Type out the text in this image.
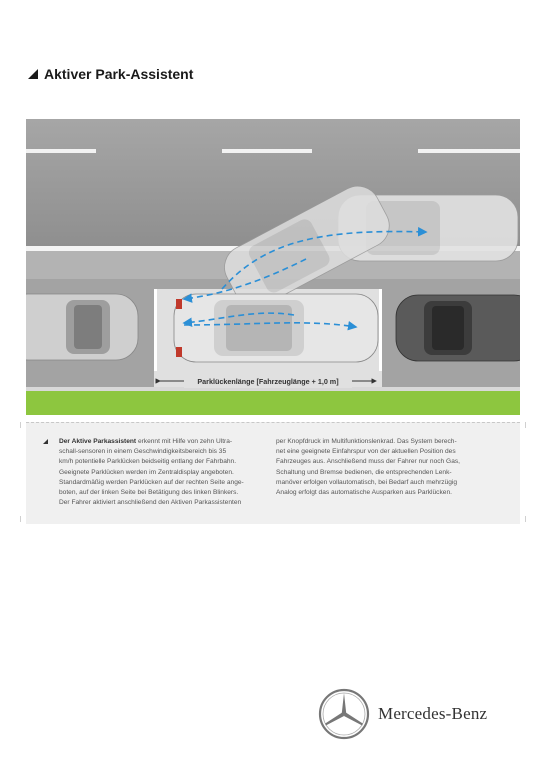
Aktiver Park-Assistent
Parklückenlänge [Fahrzeuglänge + 1,0 m]

Der Aktive Parkassistent erkennt mit Hilfe von zehn Ultra-

schall-sensoren in einem Geschwindigkeitsbereich bis 35

km/h potentielle Parklücken beidseitig entlang der Fahrbahn.

Geeignete Parklücken werden im Zentraldisplay angeboten.

Standardmäßig werden Parklücken auf der rechten Seite ange-

boten, auf der linken Seite bei Betätigung des linken Blinkers.

Der Fahrer aktiviert anschließend den Aktiven Parkassistenten

per Knopfdruck im Multifunktionslenkrad. Das System berech-

net eine geeignete Einfahrspur von der aktuellen Position des

Fahrzeuges aus. Anschließend muss der Fahrer nur noch Gas,

Schaltung und Bremse bedienen, die entsprechenden Lenk-

manöver erfolgen vollautomatisch, bei Bedarf auch mehrzügig

Analog erfolgt das automatische Ausparken aus Parklücken.

Mercedes-Benz
